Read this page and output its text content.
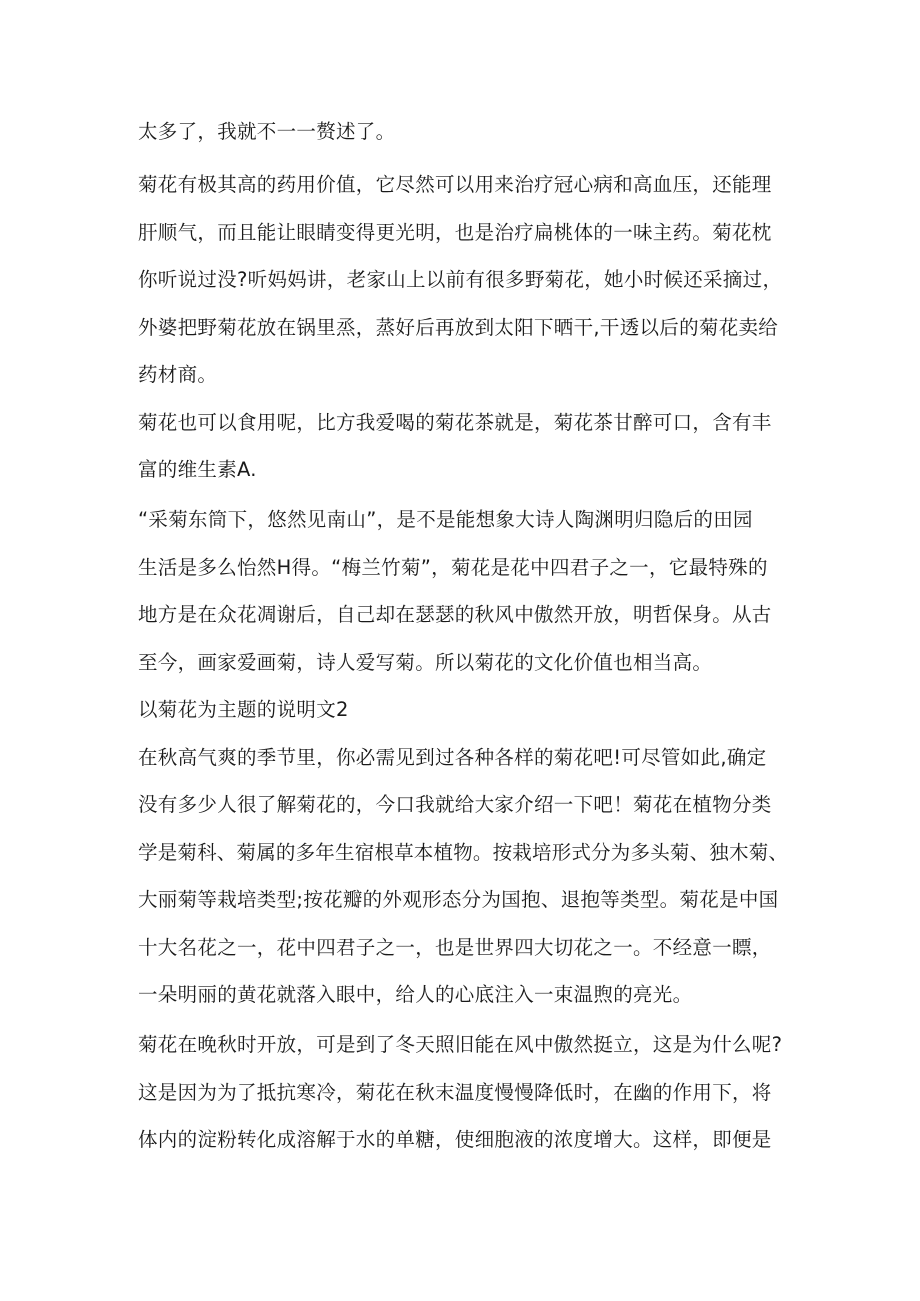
太多了，我就不一一赘述了。
菊花有极其高的药用价值，它尽然可以用来治疗冠心病和高血压，还能理
肝顺气，而且能让眼睛变得更光明，也是治疗扁桃体的一味主药。菊花枕
你听说过没?听妈妈讲，老家山上以前有很多野菊花，她小时候还采摘过，
外婆把野菊花放在锅里烝，蒸好后再放到太阳下晒干,干透以后的菊花卖给
药材商。
菊花也可以食用呢，比方我爱喝的菊花茶就是，菊花茶甘醉可口，含有丰
富的维生素A.
“采菊东筒下，悠然见南山”，是不是能想象大诗人陶渊明归隐后的田园
生活是多么怡然H得。“梅兰竹菊”，菊花是花中四君子之一，它最特殊的
地方是在众花凋谢后，自己却在瑟瑟的秋风中傲然开放，明哲保身。从古
至今，画家爱画菊，诗人爱写菊。所以菊花的文化价值也相当高。
以菊花为主题的说明文2
在秋高气爽的季节里，你必需见到过各种各样的菊花吧!可尽管如此,确定
没有多少人很了解菊花的，今口我就给大家介绍一下吧！菊花在植物分类
学是菊科、菊属的多年生宿根草本植物。按栽培形式分为多头菊、独木菊、
大丽菊等栽培类型;按花瓣的外观形态分为国抱、退抱等类型。菊花是中国
十大名花之一，花中四君子之一，也是世界四大切花之一。不经意一瞟，
一朵明丽的黄花就落入眼中，给人的心底注入一束温煦的亮光。
菊花在晚秋时开放，可是到了冬天照旧能在风中傲然挺立，这是为什么呢?
这是因为为了抵抗寒冷，菊花在秋末温度慢慢降低时，在幽的作用下，将
体内的淀粉转化成溶解于水的单糖，使细胞液的浓度增大。这样，即便是
